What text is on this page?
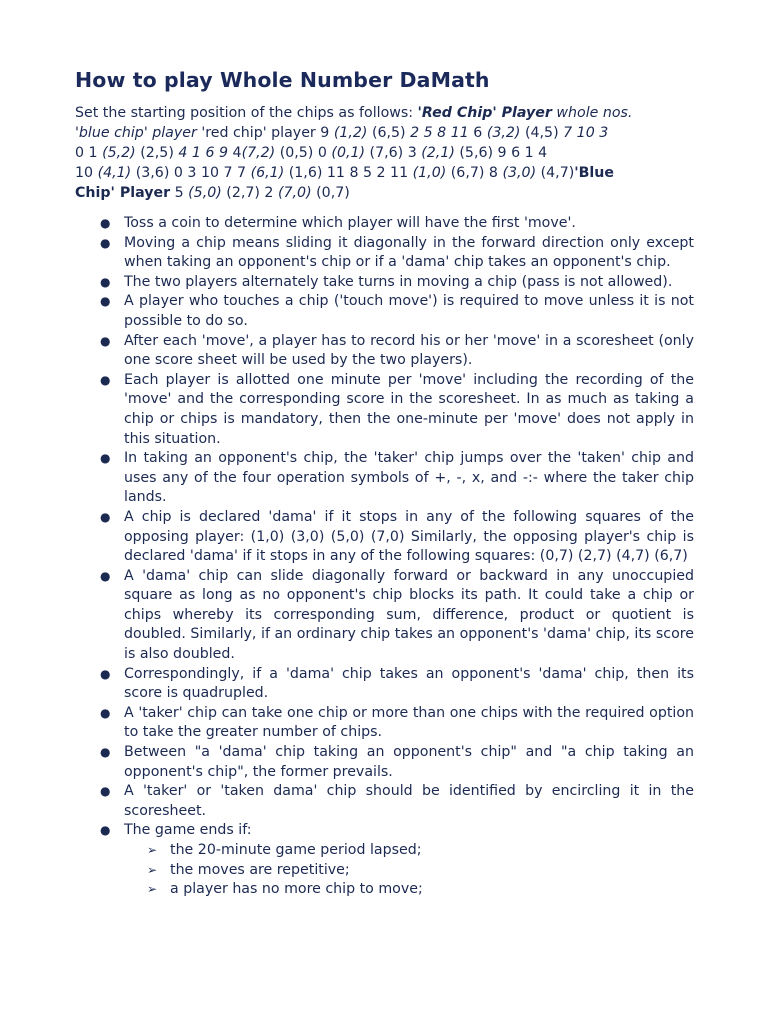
How to play Whole Number DaMath
Set the starting position of the chips as follows: 'Red Chip' Player whole nos.
'blue chip' player 'red chip' player 9 (1,2) (6,5) 2 5 8 11 6 (3,2) (4,5) 7 10 3
0 1 (5,2) (2,5) 4 1 6 9 4(7,2) (0,5) 0 (0,1) (7,6) 3 (2,1) (5,6) 9 6 1 4
10 (4,1) (3,6) 0 3 10 7 7 (6,1) (1,6) 11 8 5 2 11 (1,0) (6,7) 8 (3,0) (4,7)'Blue
Chip' Player 5 (5,0) (2,7) 2 (7,0) (0,7)
● Toss a coin to determine which player will have the first 'move'.
● Moving a chip means sliding it diagonally in the forward direction only except when taking an opponent's chip or if a 'dama' chip takes an opponent's chip.
● The two players alternately take turns in moving a chip (pass is not allowed).
● A player who touches a chip ('touch move') is required to move unless it is not possible to do so.
● After each 'move', a player has to record his or her 'move' in a scoresheet (only one score sheet will be used by the two players).
● Each player is allotted one minute per 'move' including the recording of the 'move' and the corresponding score in the scoresheet. In as much as taking a chip or chips is mandatory, then the one-minute per 'move' does not apply in this situation.
● In taking an opponent's chip, the 'taker' chip jumps over the 'taken' chip and uses any of the four operation symbols of +, -, x, and -:- where the taker chip lands.
● A chip is declared 'dama' if it stops in any of the following squares of the opposing player: (1,0) (3,0) (5,0) (7,0) Similarly, the opposing player's chip is declared 'dama' if it stops in any of the following squares: (0,7) (2,7) (4,7) (6,7)
● A 'dama' chip can slide diagonally forward or backward in any unoccupied square as long as no opponent's chip blocks its path. It could take a chip or chips whereby its corresponding sum, difference, product or quotient is doubled. Similarly, if an ordinary chip takes an opponent's 'dama' chip, its score is also doubled.
● Correspondingly, if a 'dama' chip takes an opponent's 'dama' chip, then its score is quadrupled.
● A 'taker' chip can take one chip or more than one chips with the required option to take the greater number of chips.
● Between "a 'dama' chip taking an opponent's chip" and "a chip taking an opponent's chip", the former prevails.
● A 'taker' or 'taken dama' chip should be identified by encircling it in the scoresheet.
● The game ends if:
➢ the 20-minute game period lapsed;
➢ the moves are repetitive;
➢ a player has no more chip to move;
